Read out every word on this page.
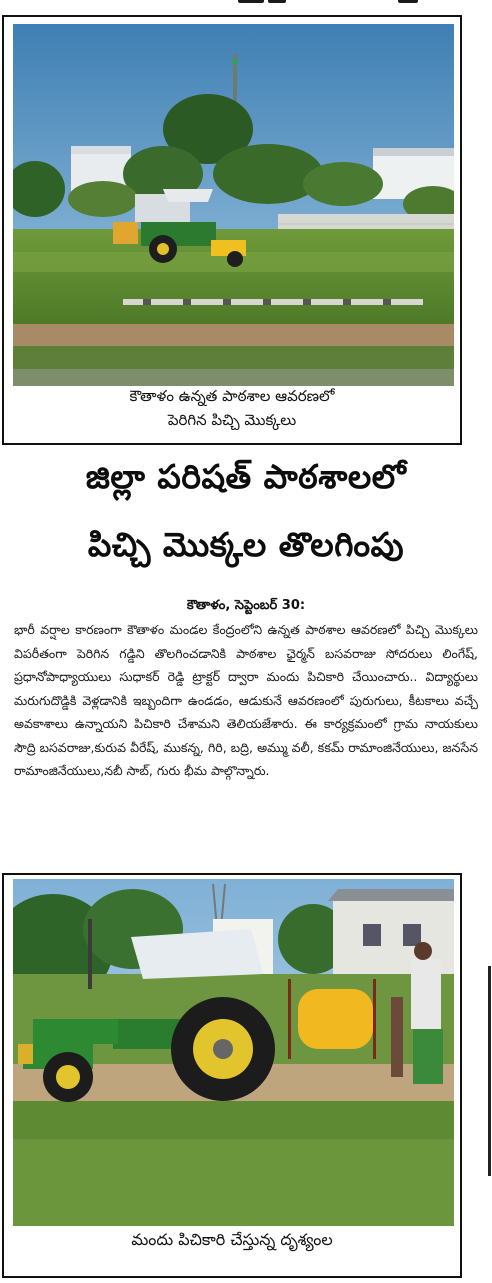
కౌతాళం ఉన్నత పాఠశాల ఆవరణలో
పెరిగిన పిచ్చి మొక్కలు
జిల్లా పరిషత్ పాఠశాలలో
పిచ్చి మొక్కల తొలగింపు
కౌతాళం, సెప్టెంబర్ 30:
భారీ వర్షాల కారణంగా కౌతాళం మండల కేంద్రంలోని ఉన్నత పాఠశాల ఆవరణలో పిచ్చి మొక్కలు విపరీతంగా పెరిగిన గడ్డిని తొలగించడానికి పాఠశాల ఛైర్మన్ బసవరాజు సోదరులు లింగేష్, ప్రధానోపాధ్యాయులు సుధాకర్ రెడ్డి ట్రాక్టర్ ద్వారా మందు పిచికారి చేయించారు.. విద్యార్థులు మరుగుదొడ్డికి వెళ్లడానికి ఇబ్బందిగా ఉండడం, ఆడుకునే ఆవరణంలో పురుగులు, కీటకాలు వచ్చే అవకాశాలు ఉన్నాయని పిచికారి చేశామని తెలియజేశారు. ఈ కార్యక్రమంలో గ్రామ నాయకులు సౌద్రి బసవరాజు,కురువ వీరేష్, ముకన్న, గిరి, బద్రి, అమ్ము వలీ, కకమ్ రామాంజినేయులు, జనసేన రామాంజినేయులు,నబీ సాబ్, గురు భీమ పాల్గొన్నారు.
మందు పిచికారి చేస్తున్న దృశ్యంల
